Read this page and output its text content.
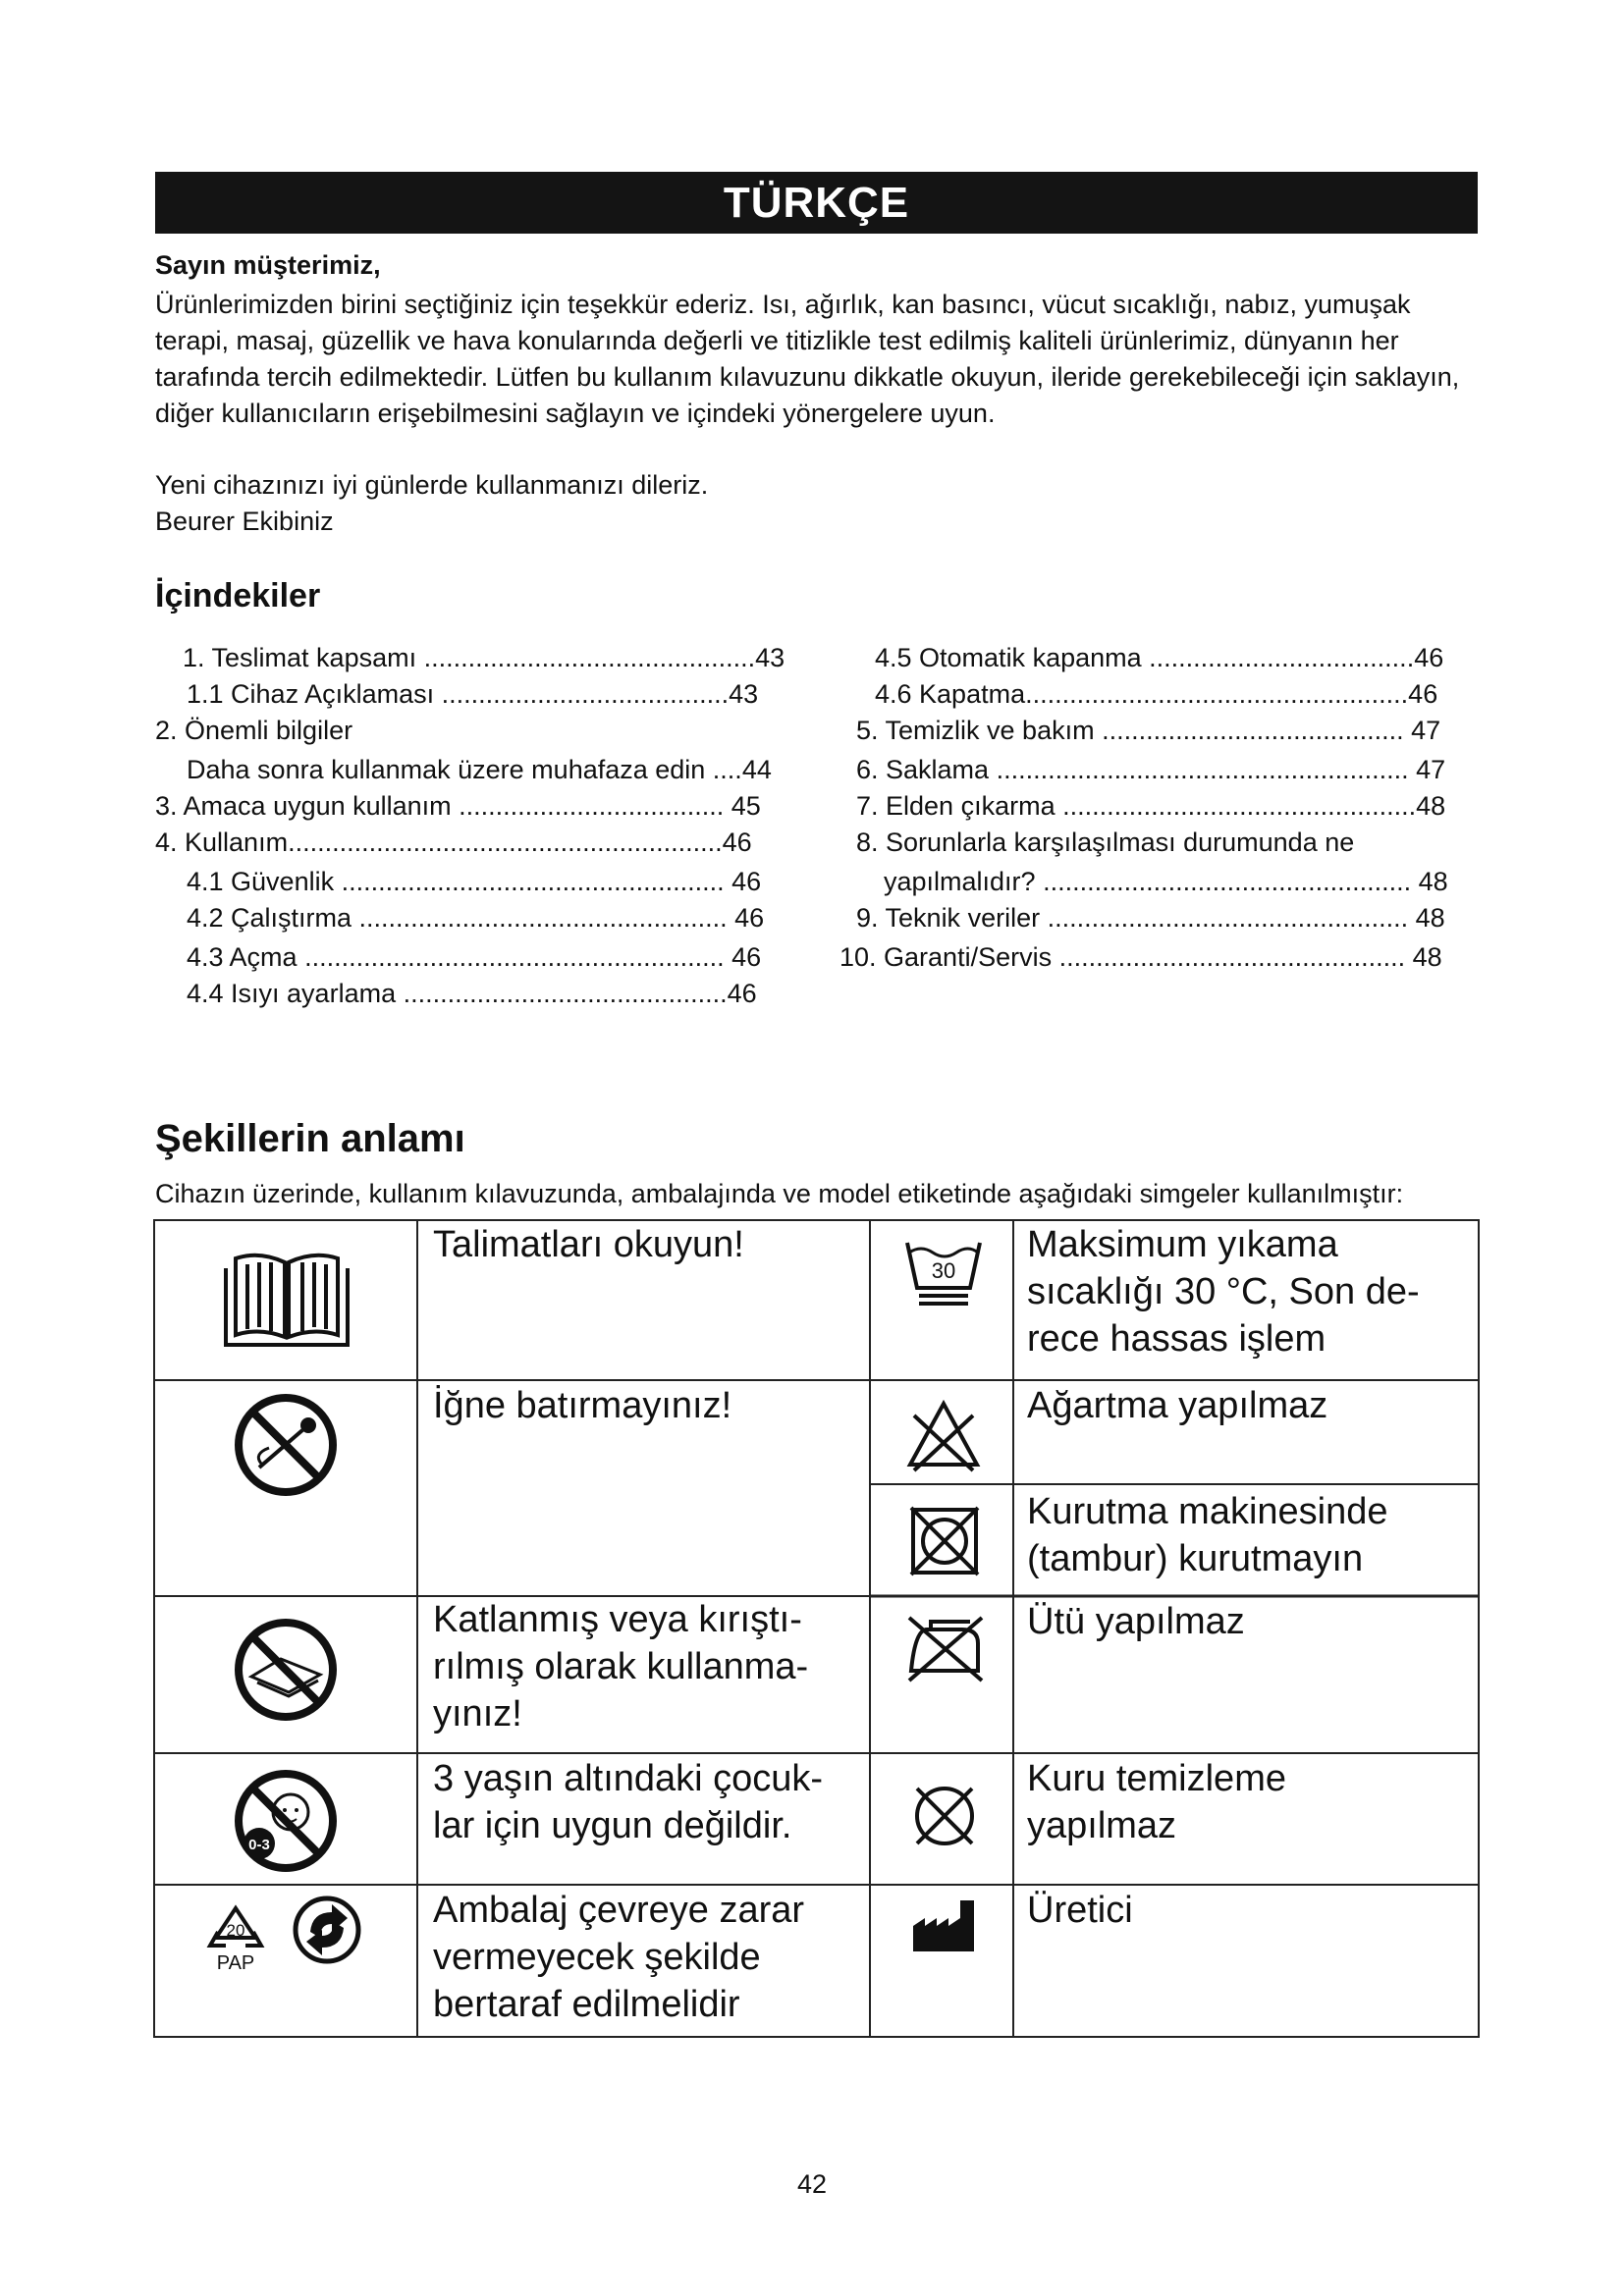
TÜRKÇE
Sayın müşterimiz,

Ürünlerimizden birini seçtiğiniz için teşekkür ederiz. Isı, ağırlık, kan basıncı, vücut sıcaklığı, nabız, yumuşak
terapi, masaj, güzellik ve hava konularında değerli ve titizlikle test edilmiş kaliteli ürünlerimiz, dünyanın her
tarafında tercih edilmektedir. Lütfen bu kullanım kılavuzunu dikkatle okuyun, ileride gerekebileceği için saklayın,
diğer kullanıcıların erişebilmesini sağlayın ve içindeki yönergelere uyun.

Yeni cihazınızı iyi günlerde kullanmanızı dileriz.
Beurer Ekibiniz

İçindekiler
1. Teslimat kapsamı .............................................43
1.1 Cihaz Açıklaması .......................................43
2. Önemli bilgiler
Daha sonra kullanmak üzere muhafaza edin ....44
3. Amaca uygun kullanım .................................... 45
4. Kullanım...........................................................46
4.1 Güvenlik .................................................... 46
4.2 Çalıştırma .................................................. 46
4.3 Açma ......................................................... 46
4.4 Isıyı ayarlama ............................................46
4.5 Otomatik kapanma ....................................46
4.6 Kapatma....................................................46
5. Temizlik ve bakım ......................................... 47
6. Saklama ........................................................ 47
7. Elden çıkarma ................................................48
8. Sorunlarla karşılaşılması durumunda ne
yapılmalıdır? .................................................. 48
9. Teknik veriler ................................................. 48
10. Garanti/Servis ............................................... 48
Şekillerin anlamı
Cihazın üzerinde, kullanım kılavuzunda, ambalajında ve model etiketinde aşağıdaki simgeler kullanılmıştır:
0-3
20
PAP
Talimatları okuyun!
İğne batırmayınız!
Katlanmış veya kırıştı-
rılmış olarak kullanma-
yınız!
3 yaşın altındaki çocuk-
lar için uygun değildir.
Ambalaj çevreye zarar
vermeyecek şekilde
bertaraf edilmelidir
30
Maksimum yıkama
sıcaklığı 30 °C, Son de-
rece hassas işlem
Ağartma yapılmaz
Kurutma makinesinde
(tambur) kurutmayın
Ütü yapılmaz
Kuru temizleme
yapılmaz
Üretici
42
